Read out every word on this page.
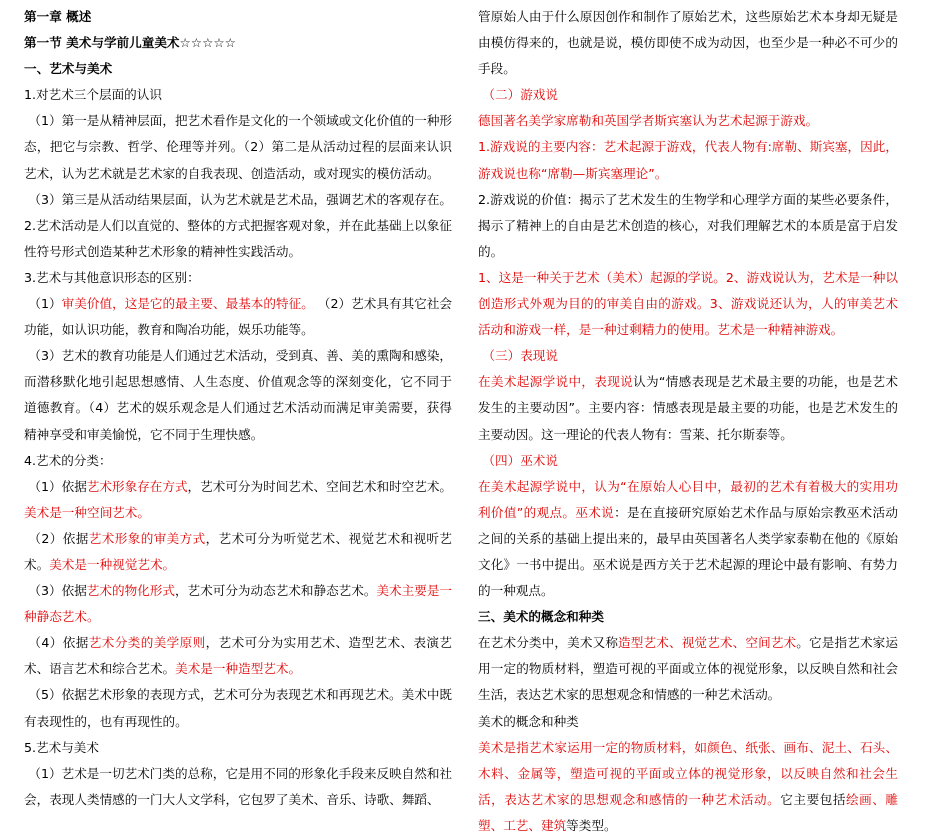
第一章 概述

第一节 美术与学前儿童美术☆☆☆☆☆

一、艺术与美术

1.对艺术三个层面的认识

（1）第一是从精神层面，把艺术看作是文化的一个领域或文化价值的一种形态，把它与宗教、哲学、伦理等并列。（2）第二是从活动过程的层面来认识艺术，认为艺术就是艺术家的自我表现、创造活动，或对现实的模仿活动。

（3）第三是从活动结果层面，认为艺术就是艺术品，强调艺术的客观存在。

2.艺术活动是人们以直觉的、整体的方式把握客观对象，并在此基础上以象征性符号形式创造某种艺术形象的精神性实践活动。

3.艺术与其他意识形态的区别：

（1）审美价值，这是它的最主要、最基本的特征。 （2）艺术具有其它社会功能，如认识功能，教育和陶冶功能，娱乐功能等。

（3）艺术的教育功能是人们通过艺术活动，受到真、善、美的熏陶和感染，而潜移默化地引起思想感情、人生态度、价值观念等的深刻变化，它不同于道德教育。（4）艺术的娱乐观念是人们通过艺术活动而满足审美需要，获得精神享受和审美愉悦，它不同于生理快感。

4.艺术的分类：

（1）依据艺术形象存在方式，艺术可分为时间艺术、空间艺术和时空艺术。美术是一种空间艺术。

（2）依据艺术形象的审美方式，艺术可分为听觉艺术、视觉艺术和视听艺术。美术是一种视觉艺术。

（3）依据艺术的物化形式，艺术可分为动态艺术和静态艺术。美术主要是一种静态艺术。

（4）依据艺术分类的美学原则，艺术可分为实用艺术、造型艺术、表演艺术、语言艺术和综合艺术。美术是一种造型艺术。

（5）依据艺术形象的表现方式，艺术可分为表现艺术和再现艺术。美术中既有表现性的，也有再现性的。

5.艺术与美术

（1）艺术是一切艺术门类的总称，它是用不同的形象化手段来反映自然和社会，表现人类情感的一门大人文学科，它包罗了美术、音乐、诗歌、舞蹈、

管原始人由于什么原因创作和制作了原始艺术，这些原始艺术本身却无疑是由模仿得来的，也就是说，模仿即使不成为动因，也至少是一种必不可少的手段。

（二）游戏说

德国著名美学家席勒和英国学者斯宾塞认为艺术起源于游戏。

1.游戏说的主要内容：艺术起源于游戏，代表人物有:席勒、斯宾塞，因此，游戏说也称“席勒—斯宾塞理论”。

2.游戏说的价值：揭示了艺术发生的生物学和心理学方面的某些必要条件，揭示了精神上的自由是艺术创造的核心，对我们理解艺术的本质是富于启发的。

1、这是一种关于艺术（美术）起源的学说。2、游戏说认为，艺术是一种以创造形式外观为目的的审美自由的游戏。3、游戏说还认为，人的审美艺术活动和游戏一样，是一种过剩精力的使用。艺术是一种精神游戏。

（三）表现说

在美术起源学说中，表现说认为“情感表现是艺术最主要的功能，也是艺术发生的主要动因”。主要内容：情感表现是最主要的功能，也是艺术发生的主要动因。这一理论的代表人物有：雪莱、托尔斯泰等。

（四）巫术说

在美术起源学说中，认为“在原始人心目中，最初的艺术有着极大的实用功利价值”的观点。巫术说：是在直接研究原始艺术作品与原始宗教巫术活动之间的关系的基础上提出来的，最早由英国著名人类学家泰勒在他的《原始文化》一书中提出。巫术说是西方关于艺术起源的理论中最有影响、有势力的一种观点。

三、美术的概念和种类

在艺术分类中，美术又称造型艺术、视觉艺术、空间艺术。它是指艺术家运用一定的物质材料，塑造可视的平面或立体的视觉形象，以反映自然和社会生活，表达艺术家的思想观念和情感的一种艺术活动。

美术的概念和种类

美术是指艺术家运用一定的物质材料，如颜色、纸张、画布、泥土、石头、木料、金属等，塑造可视的平面或立体的视觉形象，以反映自然和社会生活，表达艺术家的思想观念和感情的一种艺术活动。它主要包括绘画、雕塑、工艺、建筑等类型。
